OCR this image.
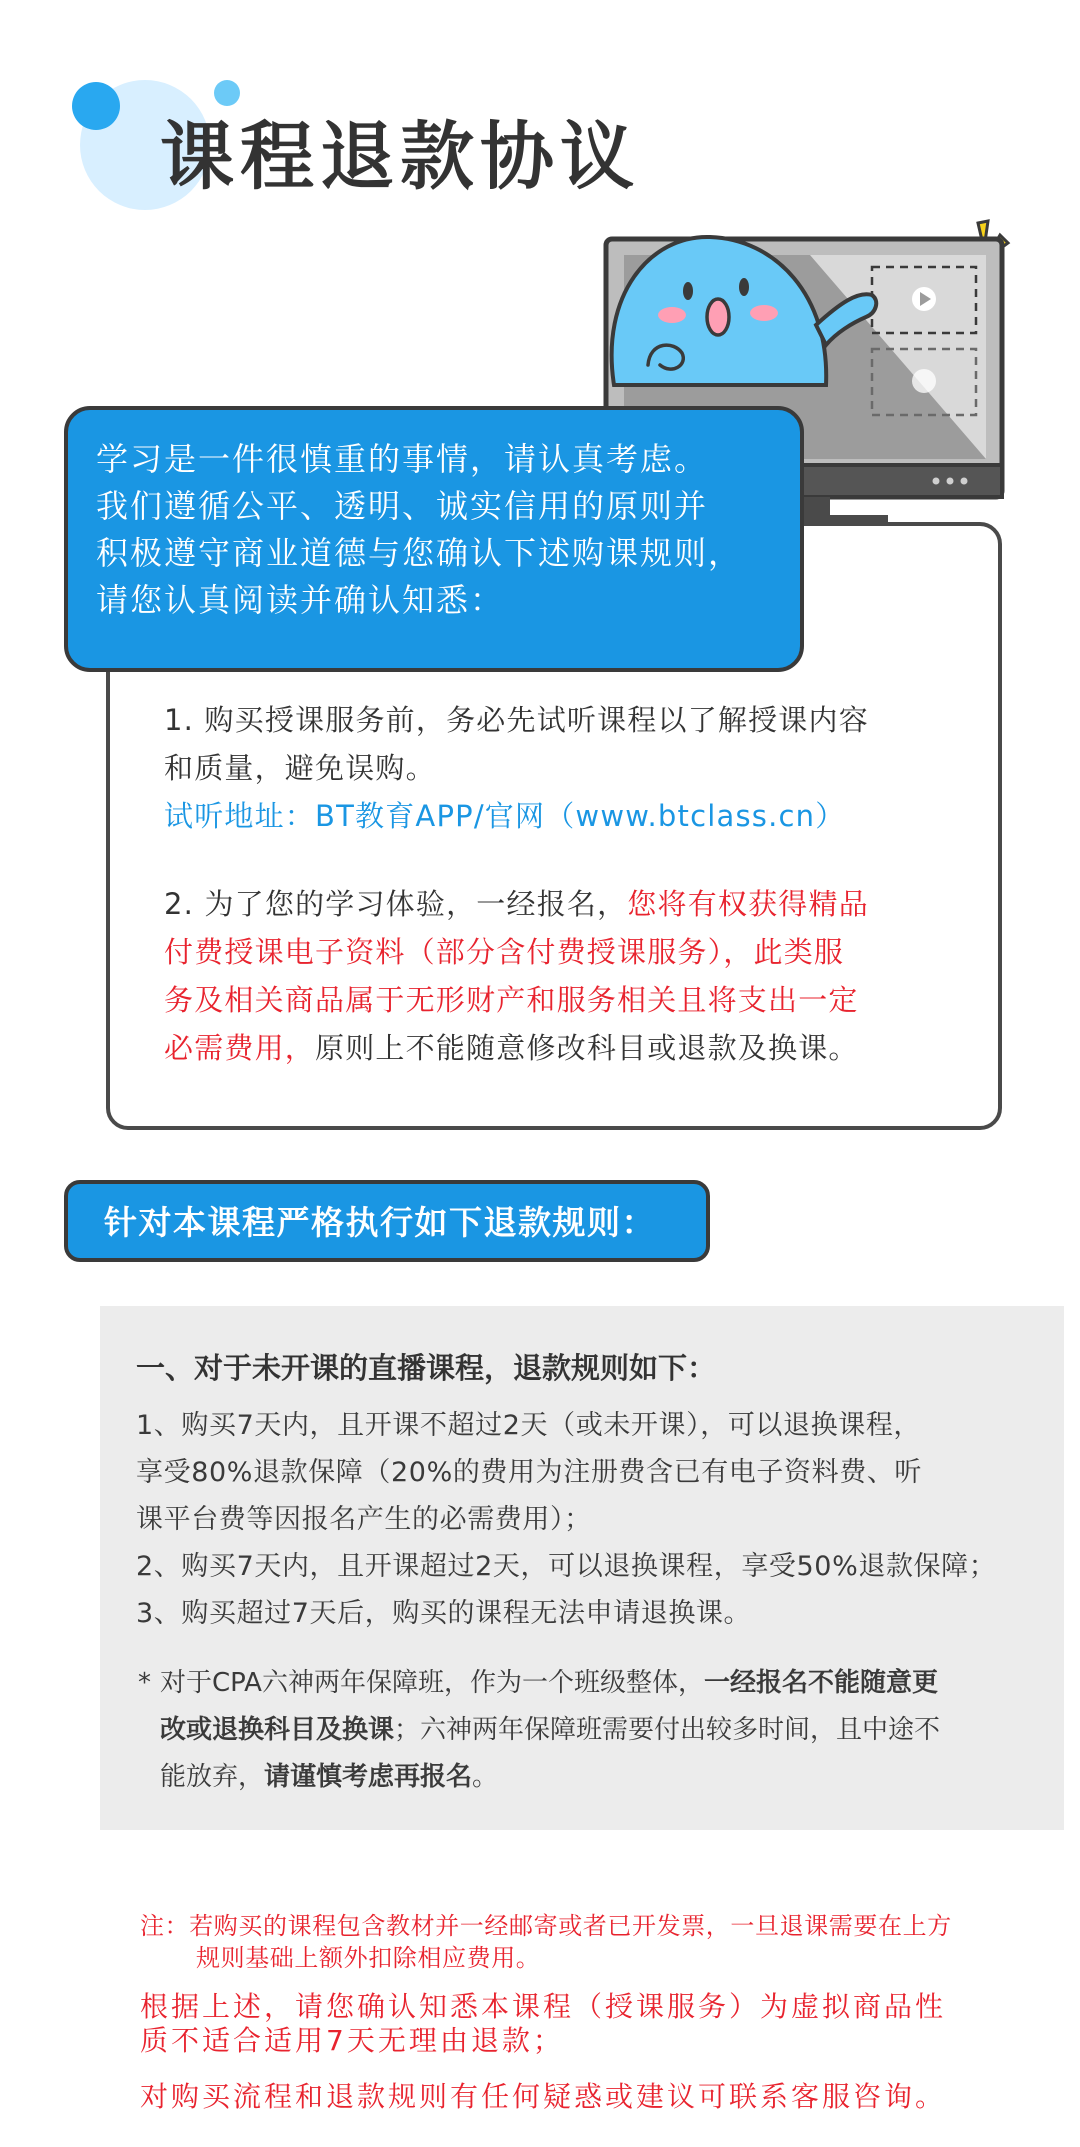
课程退款协议

学习是一件很慎重的事情，请认真考虑。

我们遵循公平、透明、诚实信用的原则并

积极遵守商业道德与您确认下述购课规则，

请您认真阅读并确认知悉：

1. 购买授课服务前，务必先试听课程以了解授课内容
和质量，避免误购。
试听地址：BT教育APP/官网（www.btclass.cn）
2. 为了您的学习体验，一经报名，您将有权获得精品
付费授课电子资料（部分含付费授课服务），此类服
务及相关商品属于无形财产和服务相关且将支出一定
必需费用，原则上不能随意修改科目或退款及换课。
针对本课程严格执行如下退款规则：
一、对于未开课的直播课程，退款规则如下：
1、购买7天内，且开课不超过2天（或未开课），可以退换课程，
享受80%退款保障（20%的费用为注册费含已有电子资料费、听
课平台费等因报名产生的必需费用）；
2、购买7天内，且开课超过2天，可以退换课程，享受50%退款保障；
3、购买超过7天后，购买的课程无法申请退换课。
* 对于CPA六神两年保障班，作为一个班级整体，一经报名不能随意更
改或退换科目及换课；六神两年保障班需要付出较多时间，且中途不
能放弃，请谨慎考虑再报名。
注：若购买的课程包含教材并一经邮寄或者已开发票，一旦退课需要在上方
规则基础上额外扣除相应费用。
根据上述，请您确认知悉本课程（授课服务）为虚拟商品性
质不适合适用7天无理由退款；
对购买流程和退款规则有任何疑惑或建议可联系客服咨询。
